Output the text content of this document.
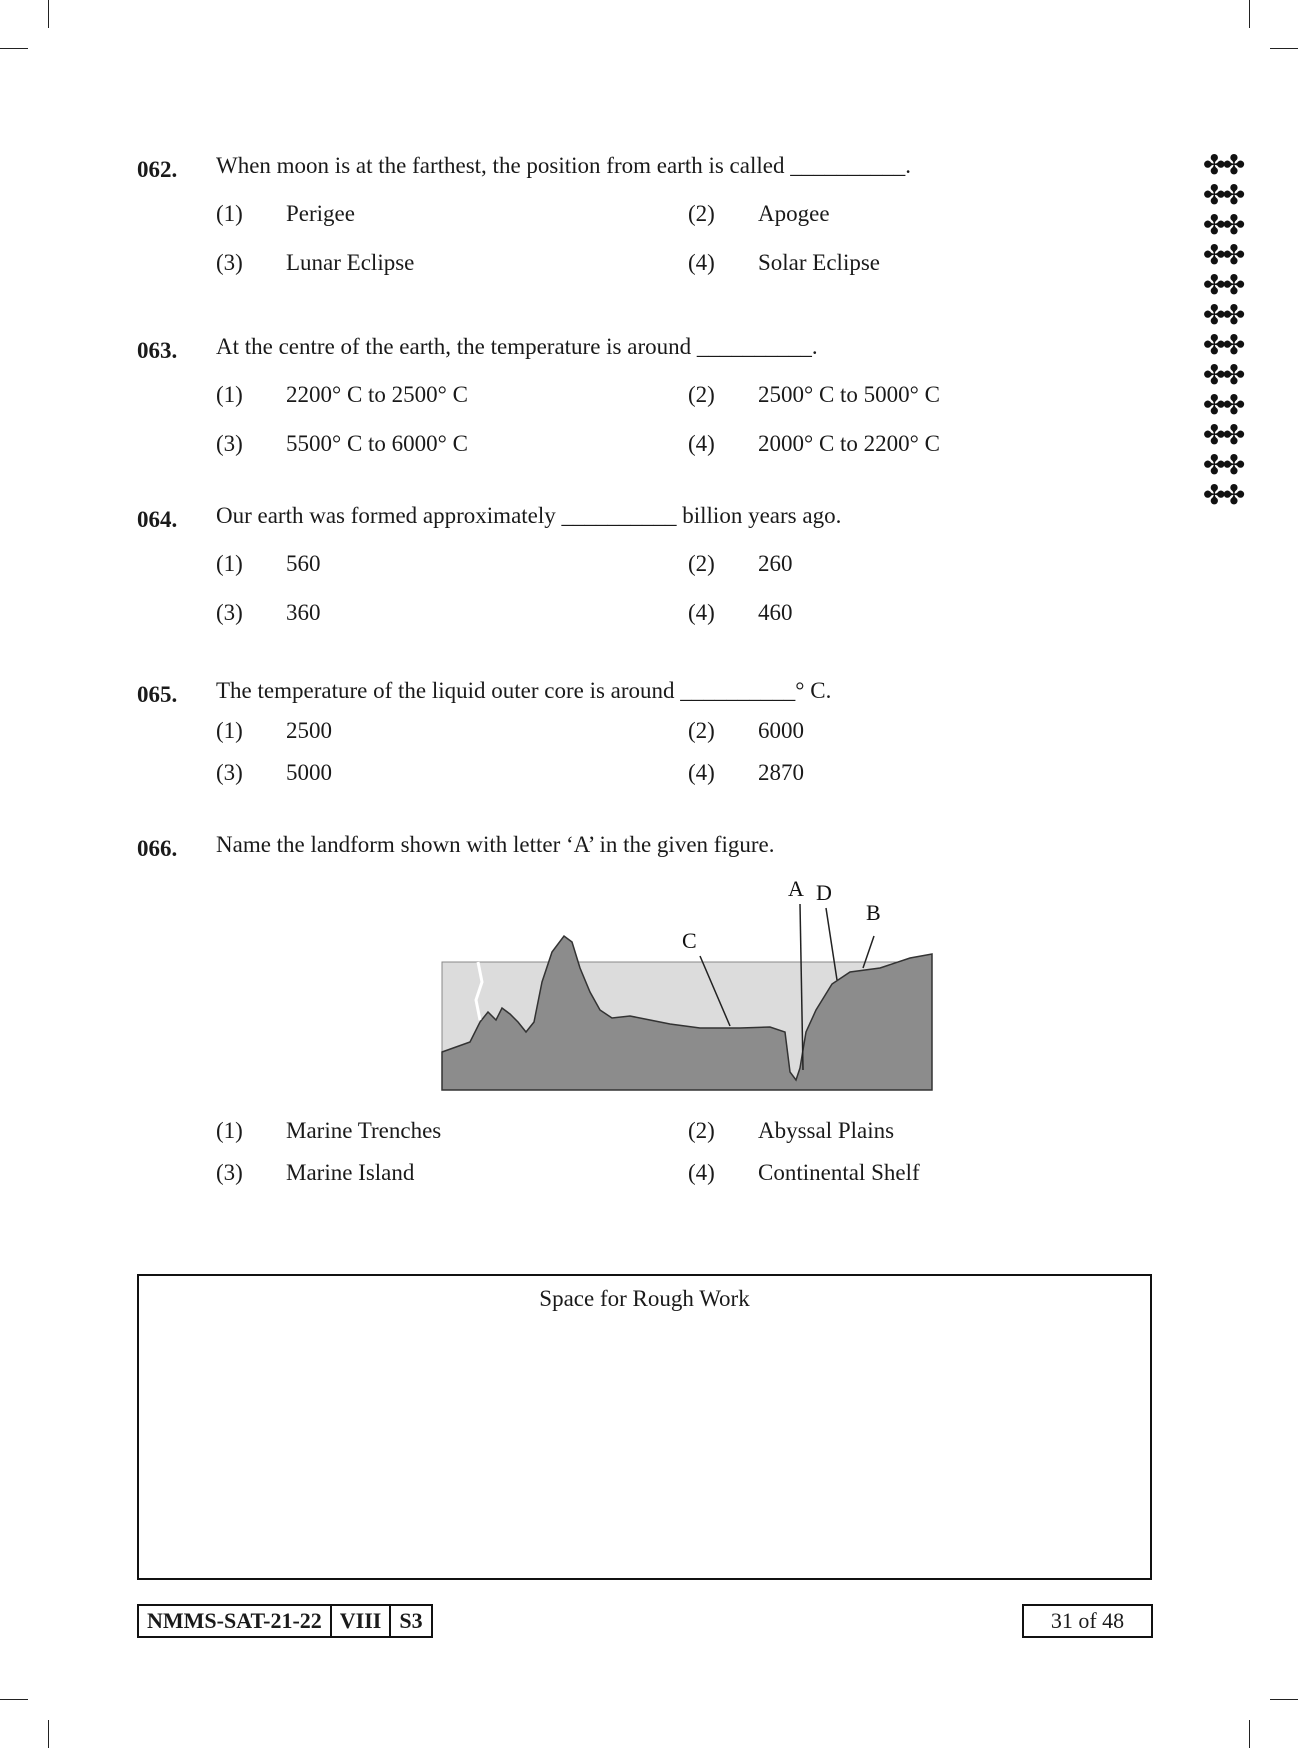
✤✤
✤✤
✤✤
✤✤
✤✤
✤✤
✤✤
✤✤
✤✤
✤✤
✤✤
✤✤
062. When moon is at the farthest, the position from earth is called __________.
(1) Perigee	(2) Apogee
(3) Lunar Eclipse	(4) Solar Eclipse
063. At the centre of the earth, the temperature is around __________.
(1) 2200° C to 2500° C	(2) 2500° C to 5000° C
(3) 5500° C to 6000° C	(4) 2000° C to 2200° C
064. Our earth was formed approximately __________ billion years ago.
(1) 560	(2) 260
(3) 360	(4) 460
065. The temperature of the liquid outer core is around __________° C.
(1) 2500	(2) 6000
(3) 5000	(4) 2870
066. Name the landform shown with letter ‘A’ in the given figure.
(1) Marine Trenches	(2) Abyssal Plains
(3) Marine Island	(4) Continental Shelf
A D
B
C
Space for Rough Work
NMMS-SAT-21-22 VIII S3	31 of 48
